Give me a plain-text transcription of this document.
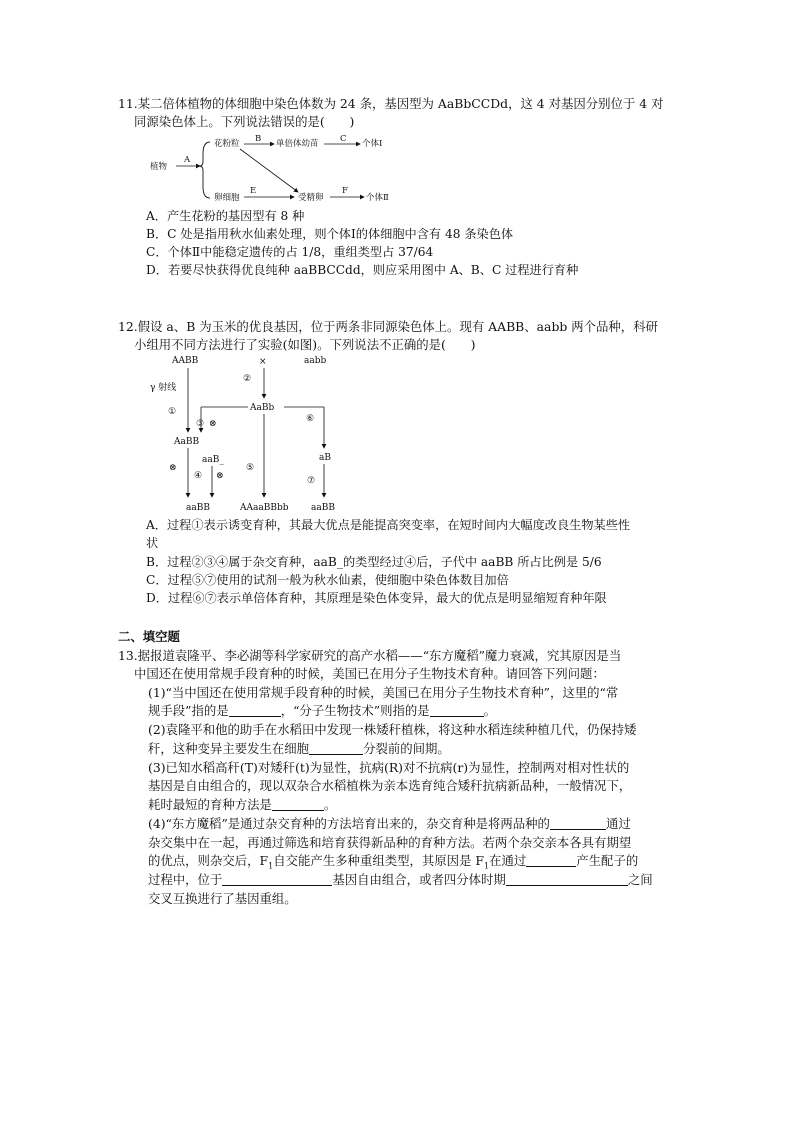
11.某二倍体植物的体细胞中染色体数为 24 条，基因型为 AaBbCCDd，这 4 对基因分别位于 4 对
同源染色体上。下列说法错误的是(　　)
植物
A
花粉粒 B 单倍体幼苗	C 个体Ⅰ
卵细胞
E
受精卵
F
个体Ⅱ
A．产生花粉的基因型有 8 种
B．C 处是指用秋水仙素处理，则个体Ⅰ的体细胞中含有 48 条染色体
C．个体Ⅱ中能稳定遗传的占 1/8，重组类型占 37/64
D．若要尽快获得优良纯种 aaBBCCdd，则应采用图中 A、B、C 过程进行育种
12.假设 a、B 为玉米的优良基因，位于两条非同源染色体上。现有 AABB、aabb 两个品种，科研
小组用不同方法进行了实验(如图)。下列说法不正确的是(　　)
AABB	×	aabb
②
γ 射线
①	AaBb
③ ⊗	⑥
⑤
AaBB
⊗
aaB_
④ ⊗
aB
⑦
aaBB	AAaaBBbb	aaBB
A．过程①表示诱变育种，其最大优点是能提高突变率，在短时间内大幅度改良生物某些性
状
B．过程②③④属于杂交育种，aaB_的类型经过④后，子代中 aaBB 所占比例是 5/6
C．过程⑤⑦使用的试剂一般为秋水仙素，使细胞中染色体数目加倍
D．过程⑥⑦表示单倍体育种，其原理是染色体变异，最大的优点是明显缩短育种年限
二、填空题
13.据报道袁隆平、李必湖等科学家研究的高产水稻——“东方魔稻”魔力衰减，究其原因是当
中国还在使用常规手段育种的时候，美国已在用分子生物技术育种。请回答下列问题：
(1)“当中国还在使用常规手段育种的时候，美国已在用分子生物技术育种”，这里的“常
规手段”指的是	，“分子生物技术”则指的是	。
(2)袁隆平和他的助手在水稻田中发现一株矮秆植株，将这种水稻连续种植几代，仍保持矮
秆，这种变异主要发生在细胞	分裂前的间期。
(3)已知水稻高秆(T)对矮秆(t)为显性，抗病(R)对不抗病(r)为显性，控制两对相对性状的
基因是自由组合的，现以双杂合水稻植株为亲本选育纯合矮秆抗病新品种，一般情况下，
耗时最短的育种方法是	。
(4)“东方魔稻”是通过杂交育种的方法培育出来的，杂交育种是将两品种的	通过
杂交集中在一起，再通过筛选和培育获得新品种的育种方法。若两个杂交亲本各具有期望
的优点，则杂交后，$F_1$自交能产生多种重组类型，其原因是 $F_1$在通过	产生配子的
过程中，位于	基因自由组合，或者四分体时期	之间
交叉互换进行了基因重组。
